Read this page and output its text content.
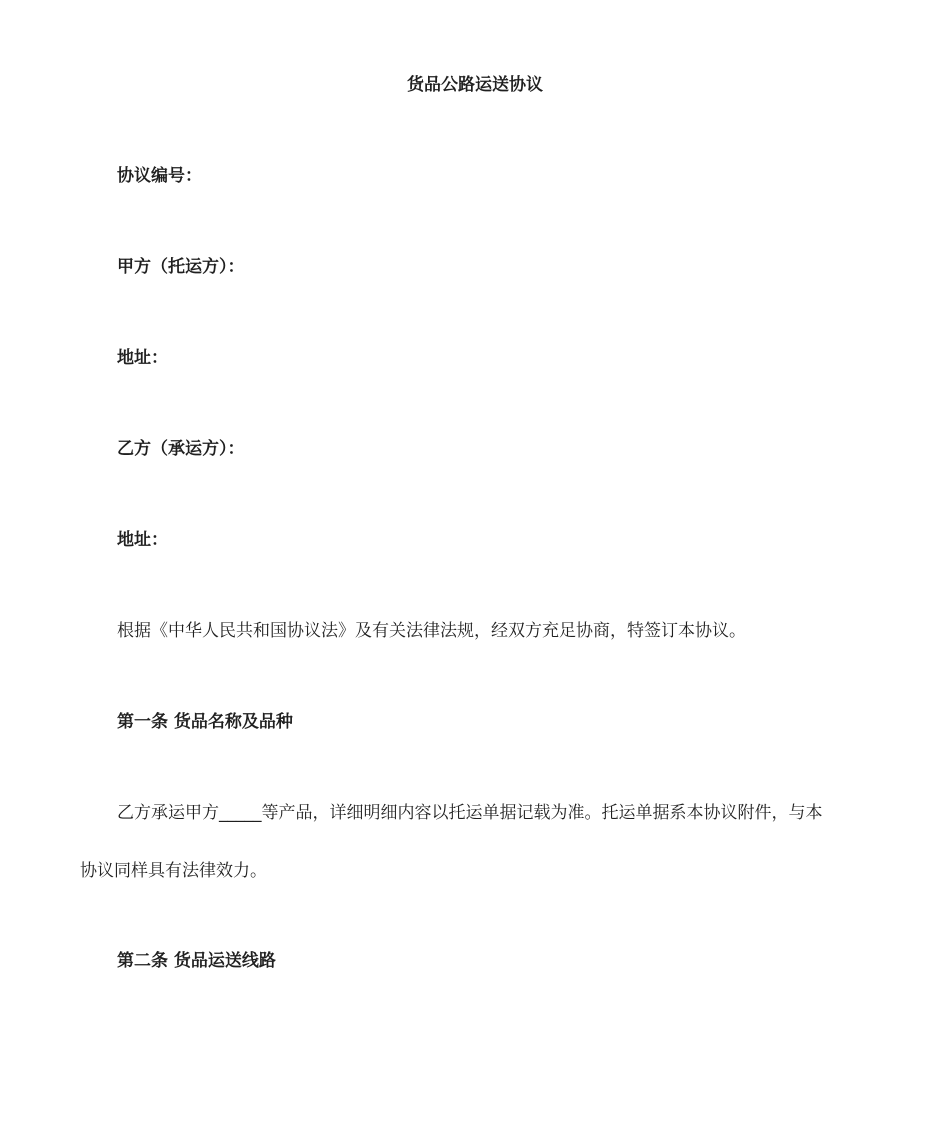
货品公路运送协议
协议编号：
甲方（托运方）：
地址：
乙方（承运方）：
地址：
根据《中华人民共和国协议法》及有关法律法规，经双方充足协商，特签订本协议。
第一条 货品名称及品种
乙方承运甲方_____等产品，详细明细内容以托运单据记载为准。托运单据系本协议附件，与本
协议同样具有法律效力。
第二条 货品运送线路
